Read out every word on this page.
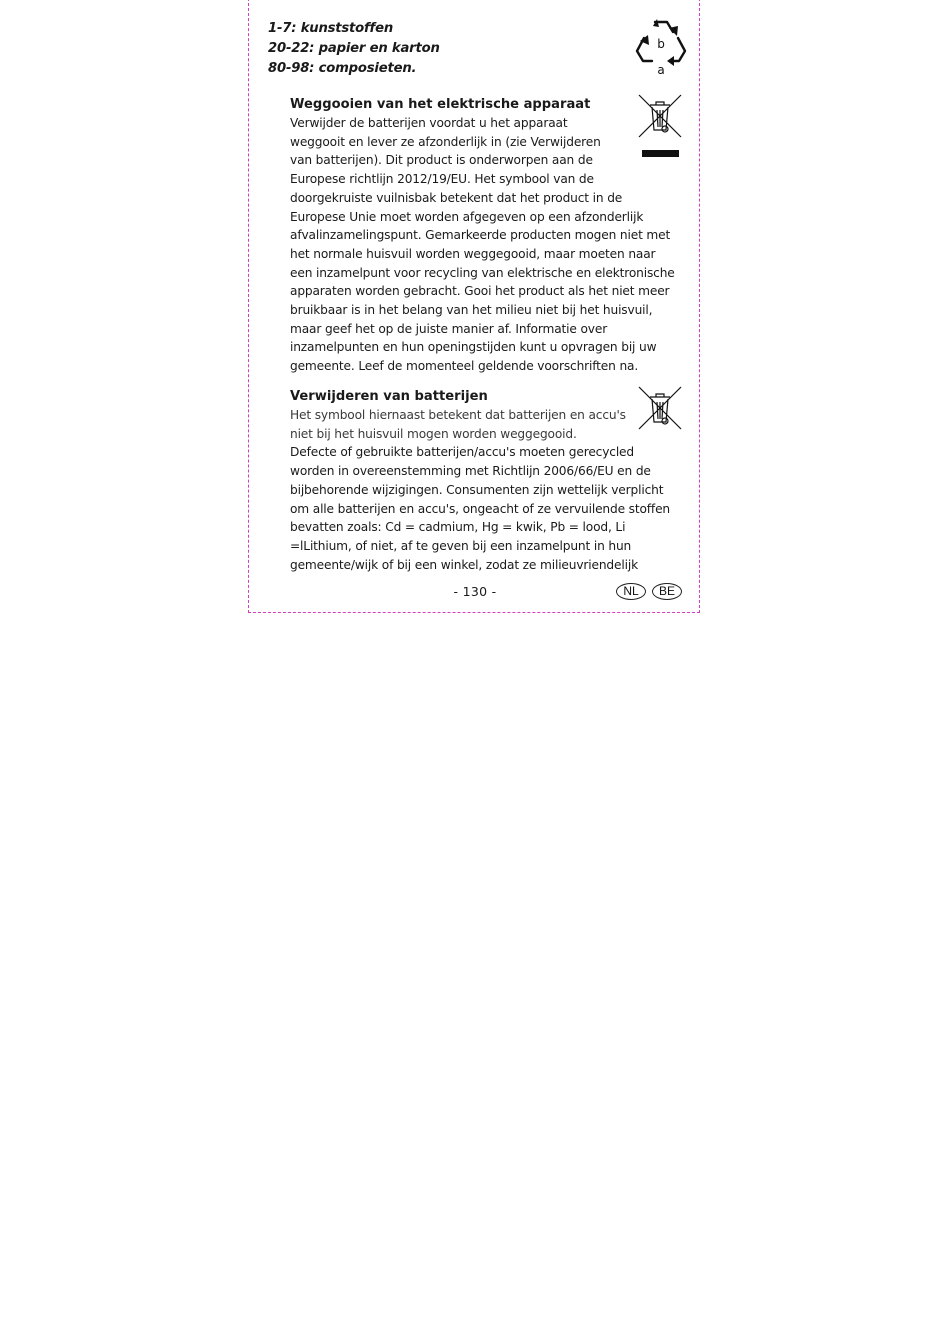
1-7: kunststoffen
20-22: papier en karton
80-98: composieten.
b
a
Weggooien van het elektrische apparaat

Verwijder de batterijen voordat u het apparaat
weggooit en lever ze afzonderlijk in (zie Verwijderen
van batterijen). Dit product is onderworpen aan de
Europese richtlijn 2012/19/EU. Het symbool van de
doorgekruiste vuilnisbak betekent dat het product in de
Europese Unie moet worden afgegeven op een afzonderlijk
afvalinzamelingspunt. Gemarkeerde producten mogen niet met
het normale huisvuil worden weggegooid, maar moeten naar
een inzamelpunt voor recycling van elektrische en elektronische
apparaten worden gebracht. Gooi het product als het niet meer
bruikbaar is in het belang van het milieu niet bij het huisvuil,
maar geef het op de juiste manier af. Informatie over
inzamelpunten en hun openingstijden kunt u opvragen bij uw
gemeente. Leef de momenteel geldende voorschriften na.

Verwijderen van batterijen

Het symbool hiernaast betekent dat batterijen en accu's
niet bij het huisvuil mogen worden weggegooid.

Defecte of gebruikte batterijen/accu's moeten gerecycled
worden in overeenstemming met Richtlijn 2006/66/EU en de
bijbehorende wijzigingen. Consumenten zijn wettelijk verplicht
om alle batterijen en accu's, ongeacht of ze vervuilende stoffen
bevatten zoals: Cd = cadmium, Hg = kwik, Pb = lood, Li
=lLithium, of niet, af te geven bij een inzamelpunt in hun
gemeente/wijk of bij een winkel, zodat ze milieuvriendelijk

- 130 -	NL	BE
